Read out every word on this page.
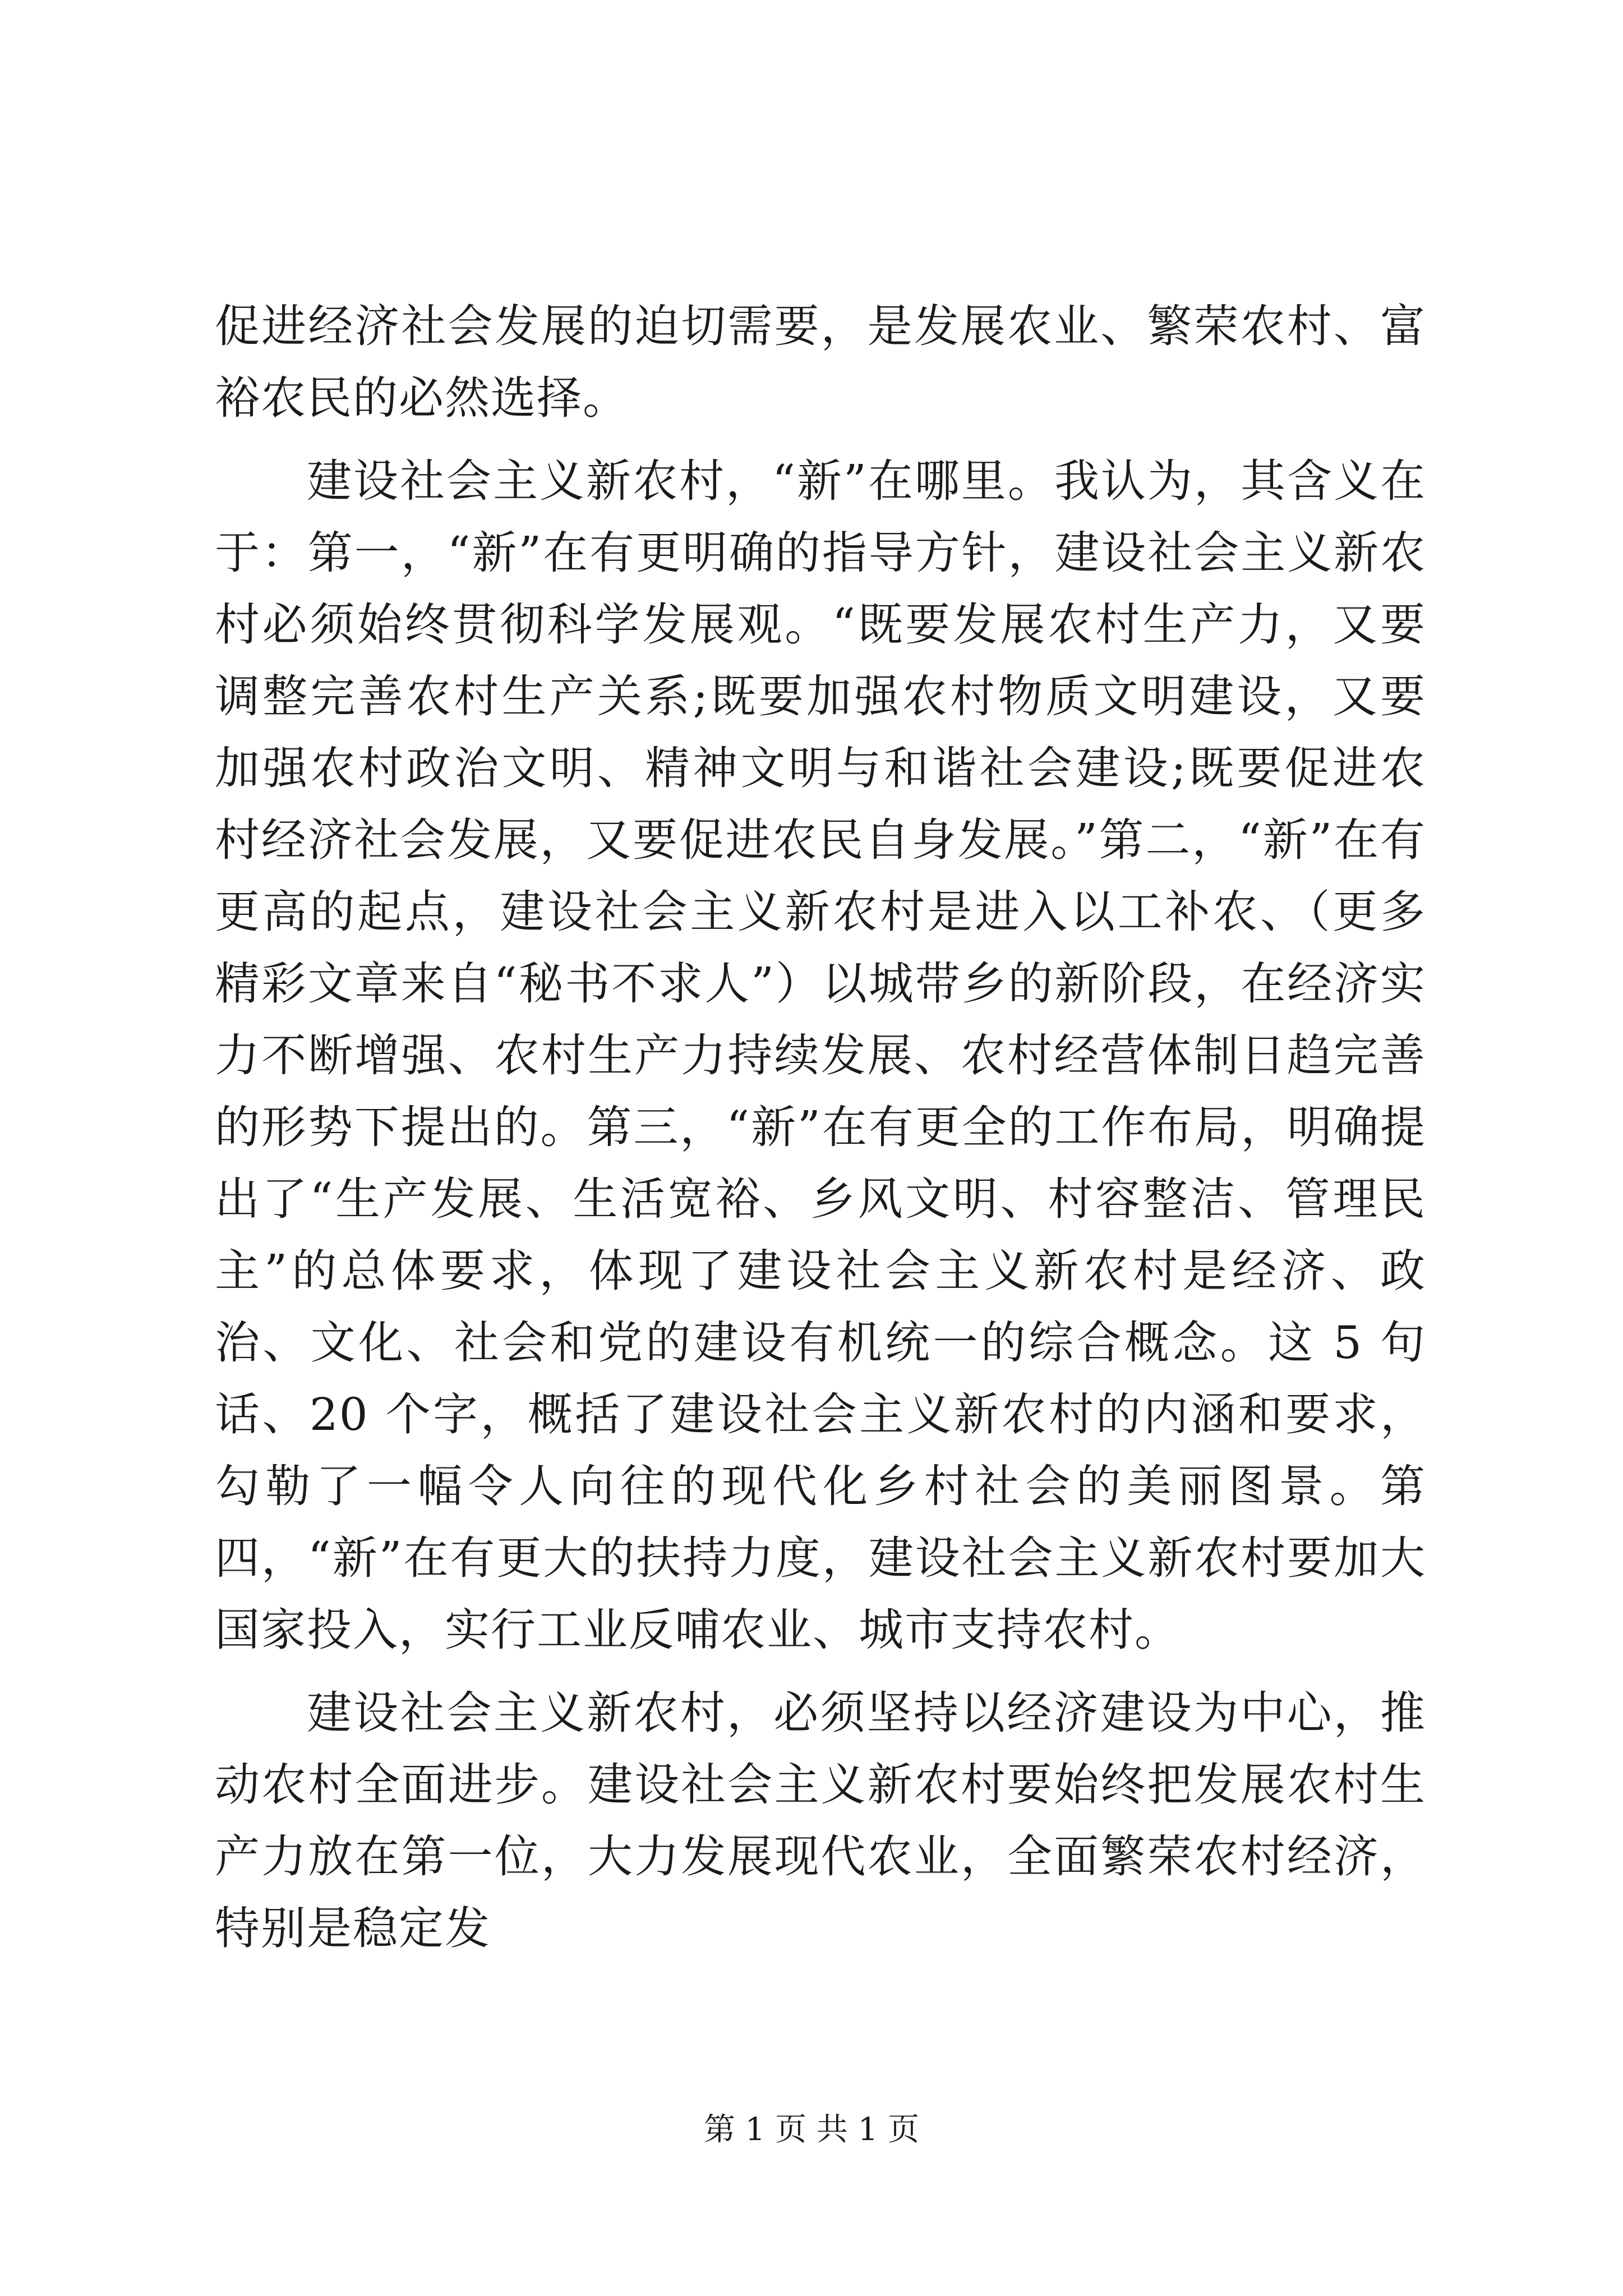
促进经济社会发展的迫切需要，是发展农业、繁荣农村、富裕农民的必然选择。

建设社会主义新农村，“新”在哪里。我认为，其含义在于：第一，“新”在有更明确的指导方针，建设社会主义新农村必须始终贯彻科学发展观。“既要发展农村生产力，又要调整完善农村生产关系;既要加强农村物质文明建设，又要加强农村政治文明、精神文明与和谐社会建设;既要促进农村经济社会发展，又要促进农民自身发展。”第二，“新”在有更高的起点，建设社会主义新农村是进入以工补农、（更多精彩文章来自“秘书不求人”）以城带乡的新阶段，在经济实力不断增强、农村生产力持续发展、农村经营体制日趋完善的形势下提出的。第三，“新”在有更全的工作布局，明确提出了“生产发展、生活宽裕、乡风文明、村容整洁、管理民主”的总体要求，体现了建设社会主义新农村是经济、政治、文化、社会和党的建设有机统一的综合概念。这 5 句话、20 个字，概括了建设社会主义新农村的内涵和要求，勾勒了一幅令人向往的现代化乡村社会的美丽图景。第四，“新”在有更大的扶持力度，建设社会主义新农村要加大国家投入，实行工业反哺农业、城市支持农村。

建设社会主义新农村，必须坚持以经济建设为中心，推动农村全面进步。建设社会主义新农村要始终把发展农村生产力放在第一位，大力发展现代农业，全面繁荣农村经济，特别是稳定发

第 1 页 共 1 页
